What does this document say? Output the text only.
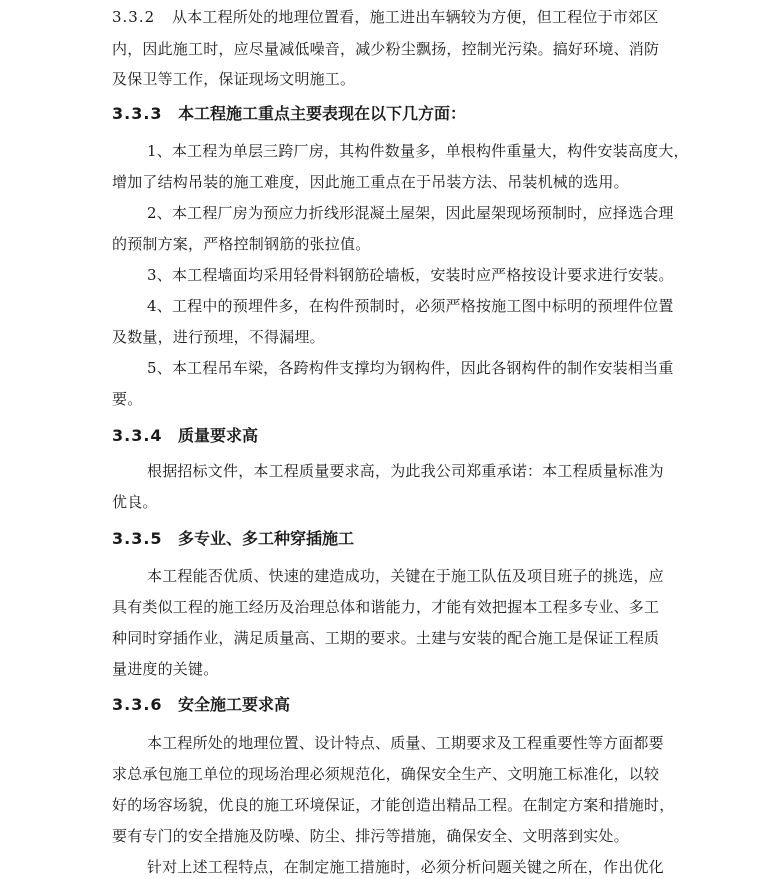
3.3.2 从本工程所处的地理位置看，施工进出车辆较为方便，但工程位于市郊区
内，因此施工时，应尽量减低噪音，减少粉尘飘扬，控制光污染。搞好环境、消防
及保卫等工作，保证现场文明施工。
3.3.3 本工程施工重点主要表现在以下几方面：
1、本工程为单层三跨厂房，其构件数量多，单根构件重量大，构件安装高度大，
增加了结构吊装的施工难度，因此施工重点在于吊装方法、吊装机械的选用。
2、本工程厂房为预应力折线形混凝土屋架，因此屋架现场预制时，应择选合理
的预制方案，严格控制钢筋的张拉值。
3、本工程墙面均采用轻骨料钢筋砼墙板，安装时应严格按设计要求进行安装。
4、工程中的预埋件多，在构件预制时，必须严格按施工图中标明的预埋件位置
及数量，进行预埋，不得漏埋。
5、本工程吊车梁，各跨构件支撑均为钢构件，因此各钢构件的制作安装相当重
要。
3.3.4 质量要求高
根据招标文件，本工程质量要求高，为此我公司郑重承诺：本工程质量标准为
优良。
3.3.5 多专业、多工种穿插施工
本工程能否优质、快速的建造成功，关键在于施工队伍及项目班子的挑选，应
具有类似工程的施工经历及治理总体和谐能力，才能有效把握本工程多专业、多工
种同时穿插作业，满足质量高、工期的要求。土建与安装的配合施工是保证工程质
量进度的关键。
3.3.6 安全施工要求高
本工程所处的地理位置、设计特点、质量、工期要求及工程重要性等方面都要
求总承包施工单位的现场治理必须规范化，确保安全生产、文明施工标准化，以较
好的场容场貌，优良的施工环境保证，才能创造出精品工程。在制定方案和措施时，
要有专门的安全措施及防噪、防尘、排污等措施，确保安全、文明落到实处。
针对上述工程特点，在制定施工措施时，必须分析问题关键之所在，作出优化
